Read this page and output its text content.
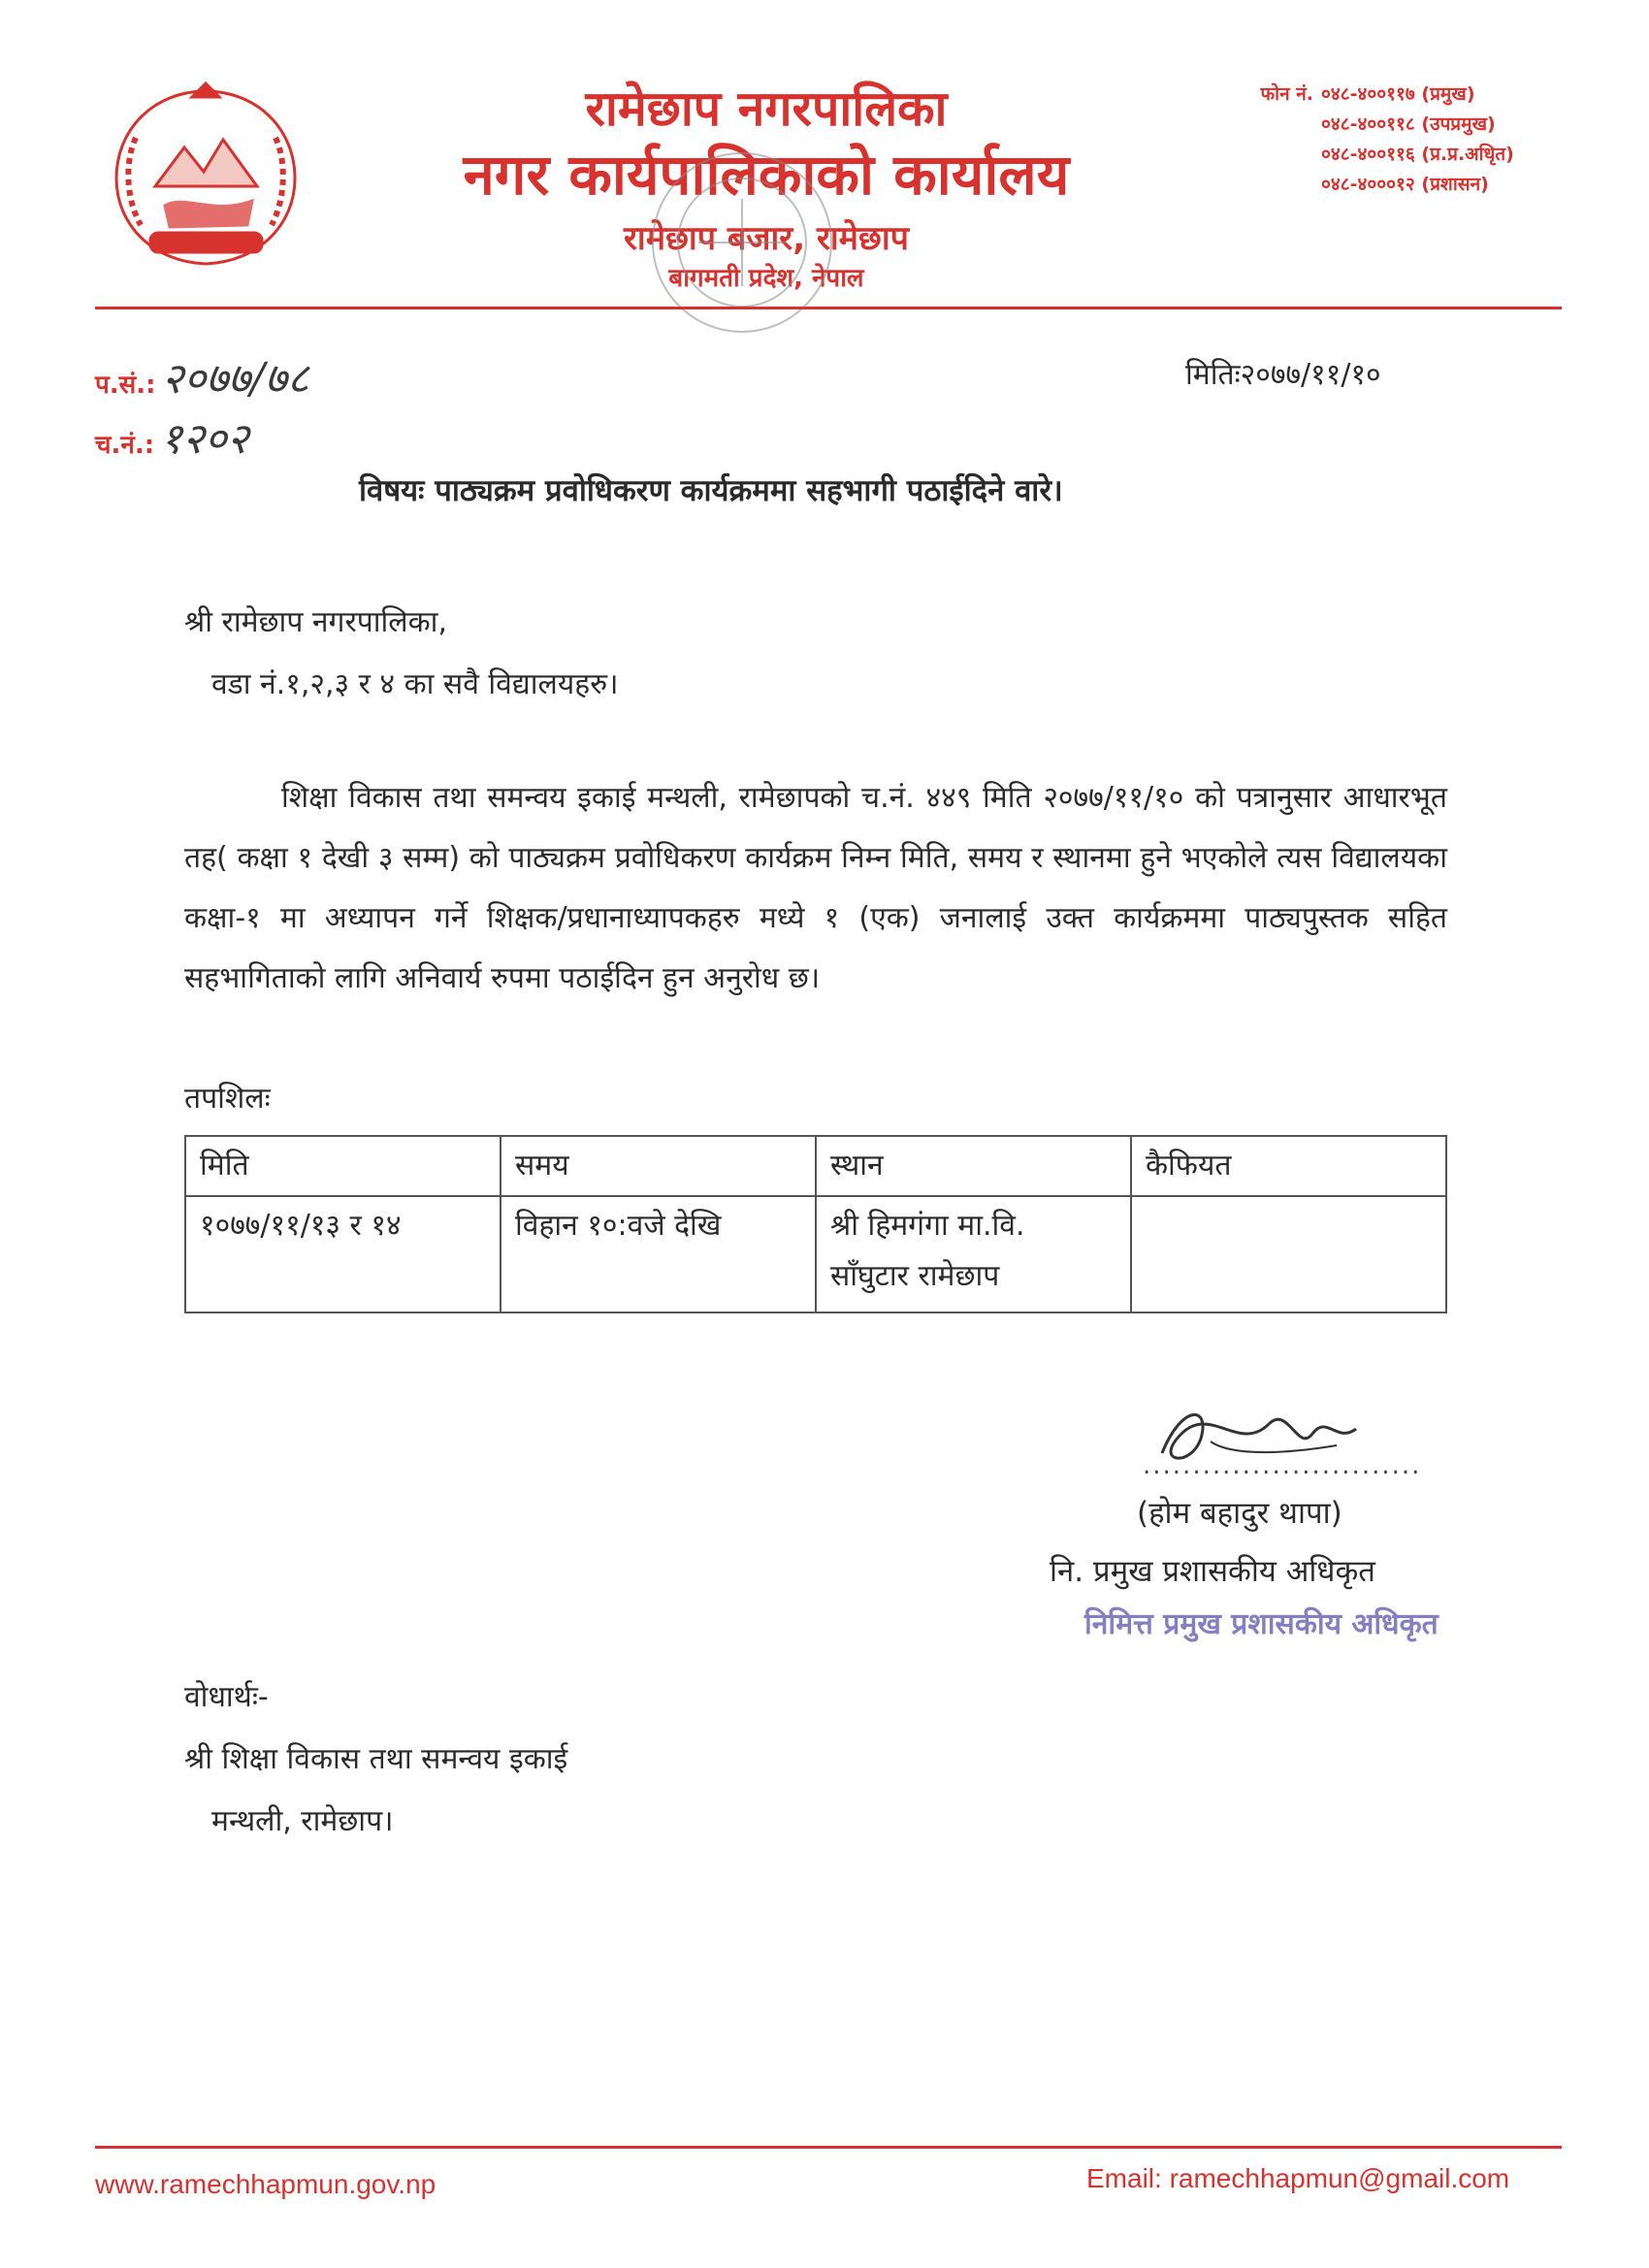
रामेछाप नगरपालिका
नगर कार्यपालिकाको कार्यालय
रामेछाप बजार, रामेछाप
बागमती प्रदेश, नेपाल
फोन नं. ०४८-४००११७ (प्रमुख)
०४८-४००११८ (उपप्रमुख)
०४८-४००११६ (प्र.प्र.अधिृत)
०४८-४०००१२ (प्रशासन)
प.सं.: २०७७/७८
च.नं.: १२०२
मितिः२०७७/११/१०
विषयः पाठ्यक्रम प्रवोधिकरण कार्यक्रममा सहभागी पठाईदिने वारे।
श्री रामेछाप नगरपालिका,
वडा नं.१,२,३ र ४ का सवै विद्यालयहरु।
शिक्षा विकास तथा समन्वय इकाई मन्थली, रामेछापको च.नं. ४४९ मिति २०७७/११/१० को पत्रानुसार आधारभूत तह( कक्षा १ देखी ३ सम्म) को पाठ्यक्रम प्रवोधिकरण कार्यक्रम निम्न मिति, समय र स्थानमा हुने भएकोले त्यस विद्यालयका कक्षा-१ मा अध्यापन गर्ने शिक्षक/प्रधानाध्यापकहरु मध्ये १ (एक) जनालाई उक्त कार्यक्रममा पाठ्यपुस्तक सहित सहभागिताको लागि अनिवार्य रुपमा पठाईदिन हुन अनुरोध छ।
तपशिलः
मिति	समय	स्थान	कैफियत
१०७७/११/१३ र १४	विहान १०:वजे देखि	श्री हिमगंगा मा.वि.
साँघुटार रामेछाप	

............................
(होम बहादुर थापा)
नि. प्रमुख प्रशासकीय अधिकृत
निमित्त प्रमुख प्रशासकीय अधिकृत
वोधार्थः-
श्री शिक्षा विकास तथा समन्वय इकाई
मन्थली, रामेछाप।
www.ramechhapmun.gov.np	Email: ramechhapmun@gmail.com
